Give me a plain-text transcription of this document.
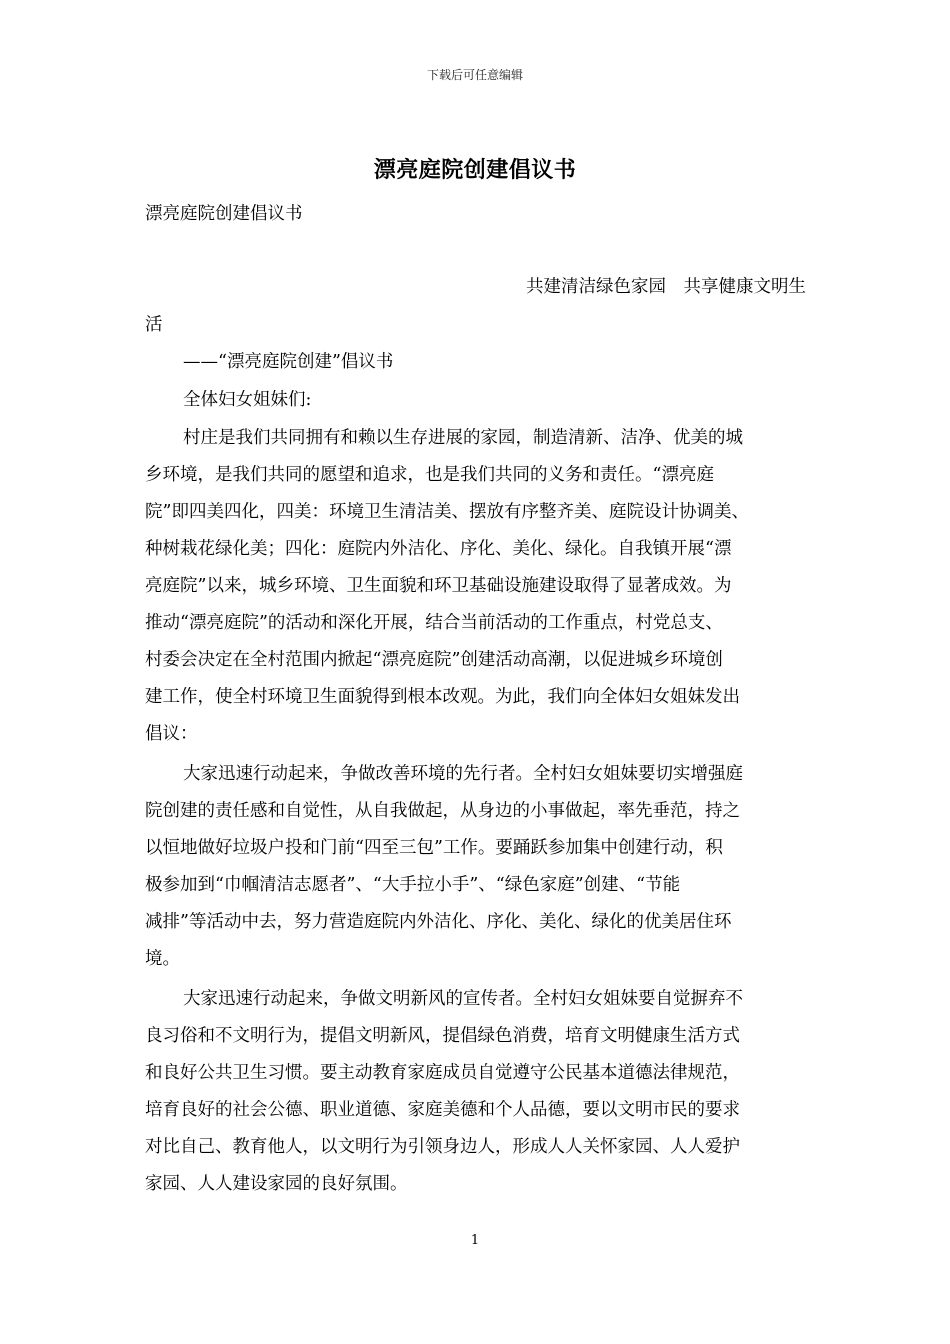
下载后可任意编辑
漂亮庭院创建倡议书
漂亮庭院创建倡议书
共建清洁绿色家园　共享健康文明生
活
——“漂亮庭院创建”倡议书
全体妇女姐妹们:
村庄是我们共同拥有和赖以生存进展的家园，制造清新、洁净、优美的城
乡环境，是我们共同的愿望和追求，也是我们共同的义务和责任。“漂亮庭
院”即四美四化，四美：环境卫生清洁美、摆放有序整齐美、庭院设计协调美、
种树栽花绿化美；四化：庭院内外洁化、序化、美化、绿化。自我镇开展“漂
亮庭院”以来，城乡环境、卫生面貌和环卫基础设施建设取得了显著成效。为
推动“漂亮庭院”的活动和深化开展，结合当前活动的工作重点，村党总支、
村委会决定在全村范围内掀起“漂亮庭院”创建活动高潮，以促进城乡环境创
建工作，使全村环境卫生面貌得到根本改观。为此，我们向全体妇女姐妹发出
倡议：
大家迅速行动起来，争做改善环境的先行者。全村妇女姐妹要切实增强庭
院创建的责任感和自觉性，从自我做起，从身边的小事做起，率先垂范，持之
以恒地做好垃圾户投和门前“四至三包”工作。要踊跃参加集中创建行动，积
极参加到“巾帼清洁志愿者”、“大手拉小手”、“绿色家庭”创建、“节能
减排”等活动中去，努力营造庭院内外洁化、序化、美化、绿化的优美居住环
境。
大家迅速行动起来，争做文明新风的宣传者。全村妇女姐妹要自觉摒弃不
良习俗和不文明行为，提倡文明新风，提倡绿色消费，培育文明健康生活方式
和良好公共卫生习惯。要主动教育家庭成员自觉遵守公民基本道德法律规范，
培育良好的社会公德、职业道德、家庭美德和个人品德，要以文明市民的要求
对比自己、教育他人，以文明行为引领身边人，形成人人关怀家园、人人爱护
家园、人人建设家园的良好氛围。
1
